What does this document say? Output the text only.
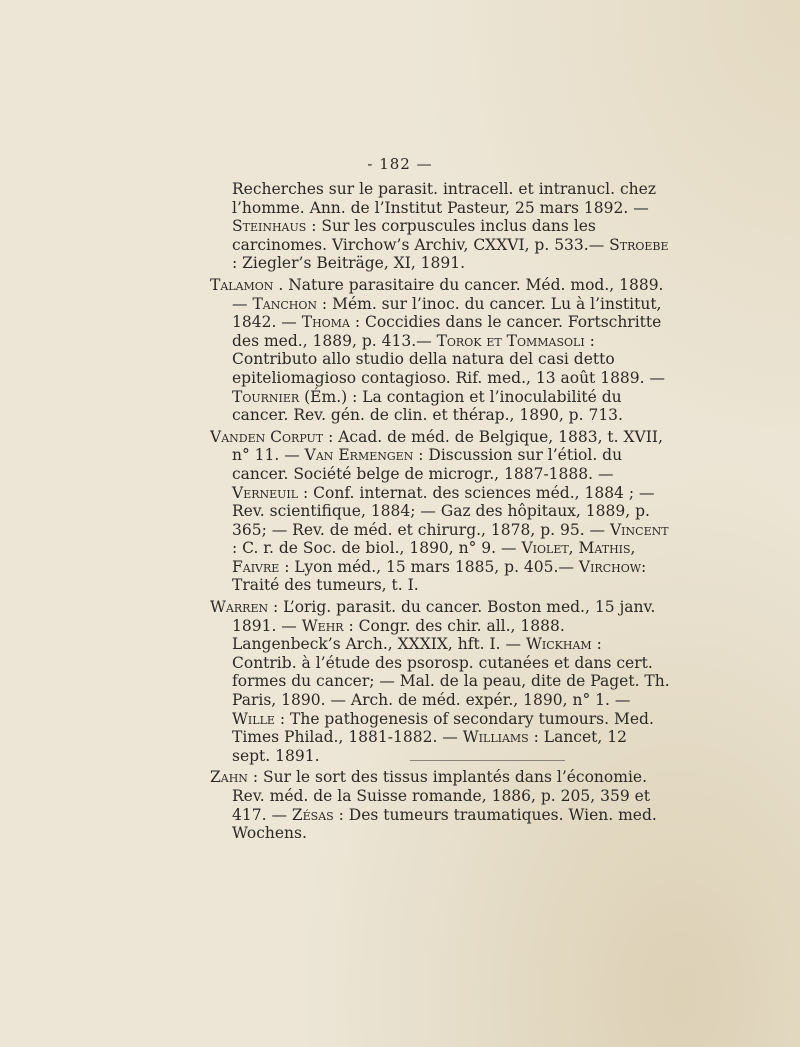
- 182 —

Recherches sur le parasit. intracell. et intranucl. chez l’homme. Ann. de l’Institut Pasteur, 25 mars 1892. — Steinhaus : Sur les corpuscules inclus dans les carcinomes. Virchow’s Archiv, CXXVI, p. 533.— Stroebe : Ziegler’s Beiträge, XI, 1891.

Talamon . Nature parasitaire du cancer. Méd. mod., 1889. — Tanchon : Mém. sur l’inoc. du cancer. Lu à l’institut, 1842. — Thoma : Coccidies dans le cancer. Fortschritte des med., 1889, p. 413.— Torok et Tommasoli : Contributo allo studio della natura del casi detto epiteliomagioso contagioso. Rif. med., 13 août 1889. — Tournier (Ém.) : La contagion et l’inoculabilité du cancer. Rev. gén. de clin. et thérap., 1890, p. 713.

Vanden Corput : Acad. de méd. de Belgique, 1883, t. XVII, n° 11. — Van Ermengen : Discussion sur l’étiol. du cancer. Société belge de microgr., 1887-1888. — Verneuil : Conf. internat. des sciences méd., 1884 ; — Rev. scientifique, 1884; — Gaz des hôpitaux, 1889, p. 365; — Rev. de méd. et chirurg., 1878, p. 95. — Vincent : C. r. de Soc. de biol., 1890, n° 9. — Violet, Mathis, Faivre : Lyon méd., 15 mars 1885, p. 405.— Virchow: Traité des tumeurs, t. I.

Warren : L’orig. parasit. du cancer. Boston med., 15 janv. 1891. — Wehr : Congr. des chir. all., 1888. Langenbeck’s Arch., XXXIX, hft. I. — Wickham : Contrib. à l’étude des psorosp. cutanées et dans cert. formes du cancer; — Mal. de la peau, dite de Paget. Th. Paris, 1890. — Arch. de méd. expér., 1890, n° 1. — Wille : The pathogenesis of secondary tumours. Med. Times Philad., 1881-1882. — Williams : Lancet, 12 sept. 1891.

Zahn : Sur le sort des tissus implantés dans l’économie. Rev. méd. de la Suisse romande, 1886, p. 205, 359 et 417. — Zésas : Des tumeurs traumatiques. Wien. med. Wochens.
